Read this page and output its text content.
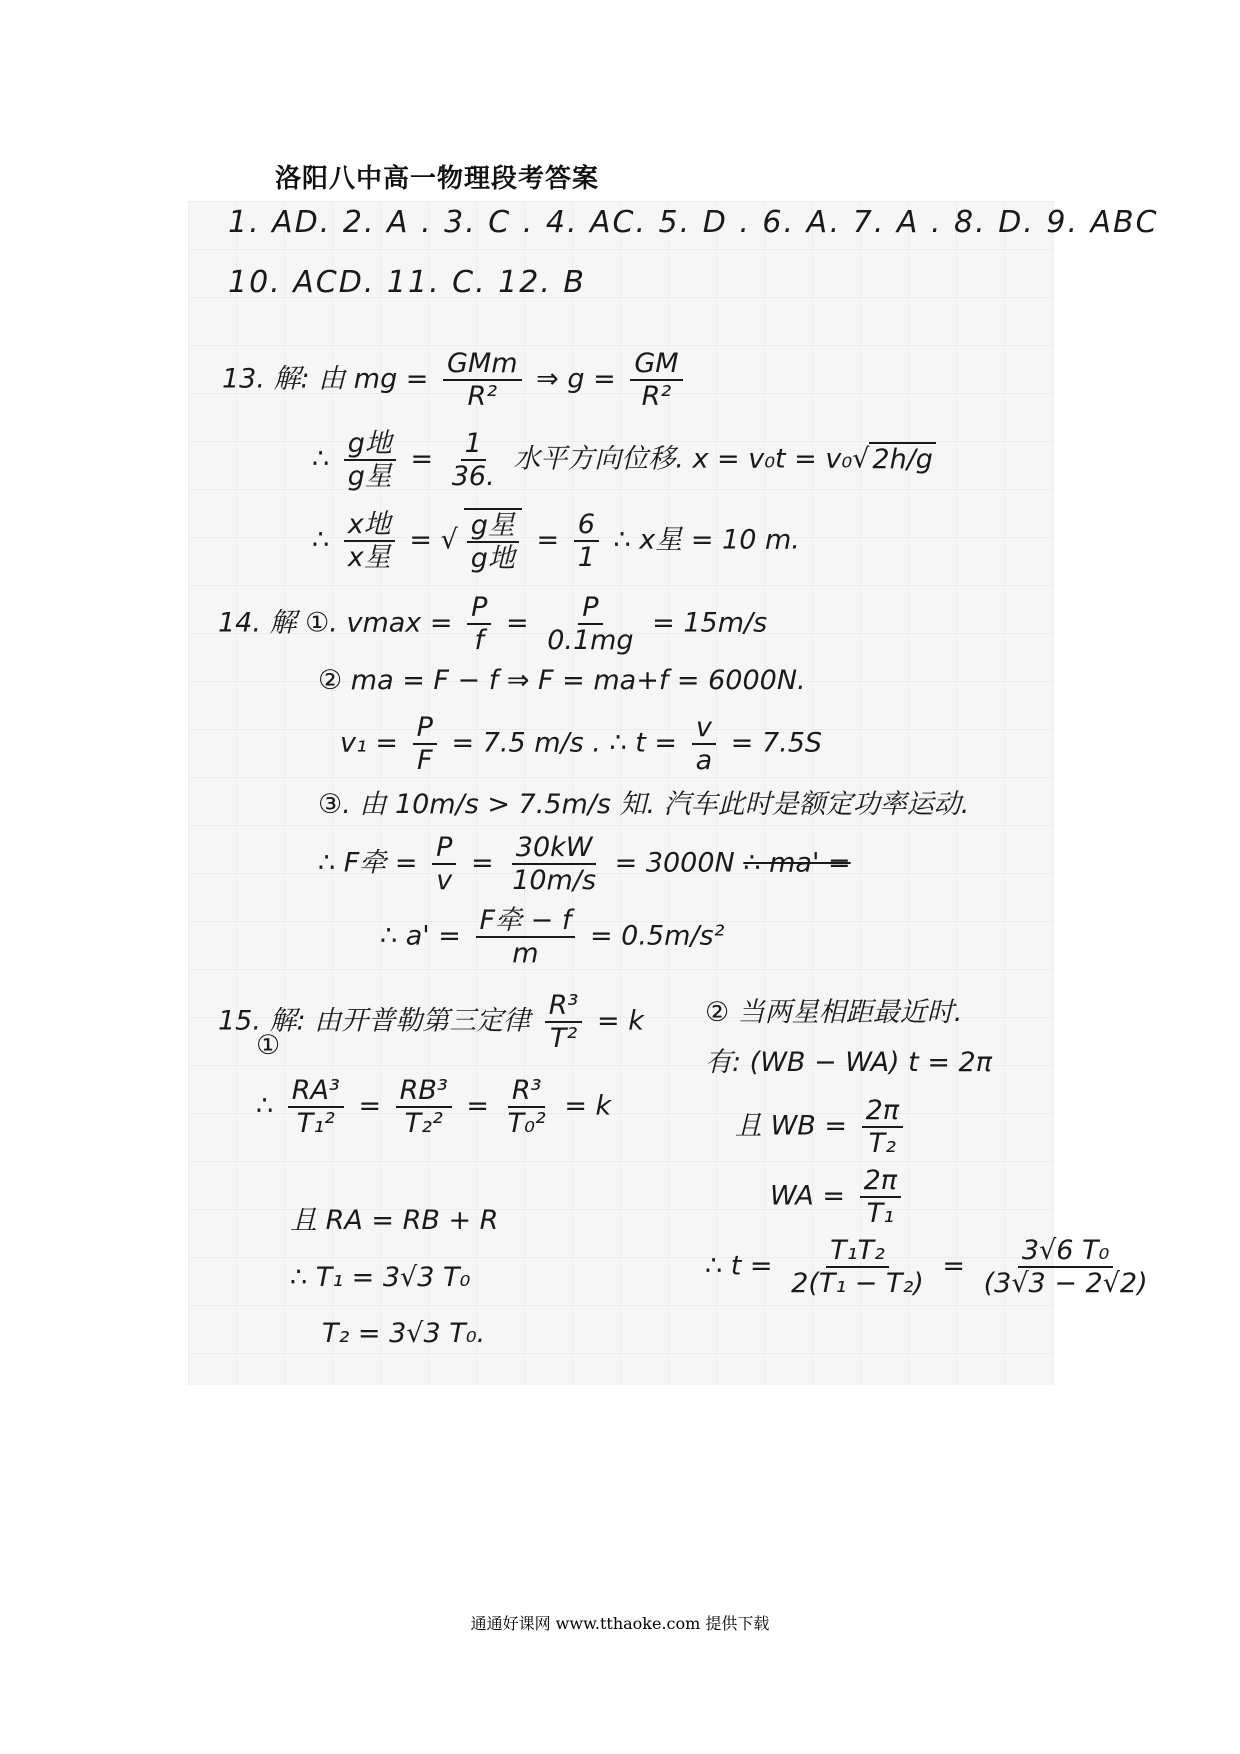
洛阳八中高一物理段考答案
1. AD. 2. A . 3. C . 4. AC. 5. D . 6. A. 7. A . 8. D. 9. ABC
10. ACD. 11. C. 12. B
13. 解: 由 mg = $\frac{\text{GMm}}{\text{R²}}$ ⇒ $g = \frac{GM}{\text{R²}}$
∴ $\frac{\text{g地}}{\text{g星}} = \frac{1}{36.}$ 水平方向位移. x = v₀t = v₀√ 2h/g
∴ $\frac{\text{x地}}{\text{x星}}$ = √ $\frac{\text{g星}}{\text{g地}} = \frac{6}{1}$ ∴ x星 = 10 m.
14. 解 ①. $vmax = \frac{P}{f} = \frac{P}{0.1mg} = 15m/s$
② ma = F − f ⇒ F = ma+f = 6000N.
$v_1 = \frac{P}{F} = 7.5$ m/s . ∴ $t = \frac{v}{a} = 7.5S$
③. 由 10m/s > 7.5m/s 知. 汽车此时是额定功率运动.
∴ F牵 = $\frac{P}{v} = \frac{30kW}{10m/s} = 3000N$ ∴ ma' =
∴ $a' = \frac{\text{F牵 − f}}{m} = 0.5m/s^2$
15. 解: 由开普勒第三定律 $\frac{\text{R³}}{\text{T²}} = k$
①
∴ $\frac{\text{RA³}}{\text{T₁²}} = \frac{\text{RB³}}{\text{T₂²}} = \frac{\text{R³}}{\text{T₀²}} = k$
且 RA = RB + R
∴ T₁ = 3√3 T₀
T₂ = 3√3 T₀.
② 当两星相距最近时.
有: (WB − WA) t = 2π
且 WB = $\frac{2\pi}{\text{T₂}}$
WA = $\frac{2\pi}{\text{T₁}}$
∴ $t = \frac{\text{T₁T₂}}{\text{2(T₁ − T₂)}} = \frac{\text{3√6 T₀}}{(3√3 - 2√2)}$
通通好课网 www.tthaoke.com 提供下载
